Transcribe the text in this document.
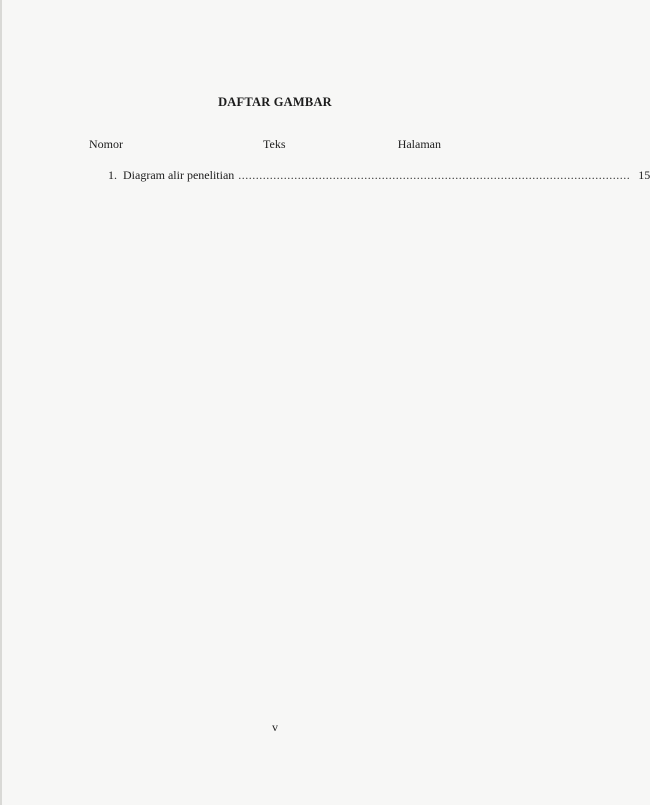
DAFTAR GAMBAR
Nomor	Teks	Halaman
1. Diagram alir penelitian ................................................................................................................ 15
v
